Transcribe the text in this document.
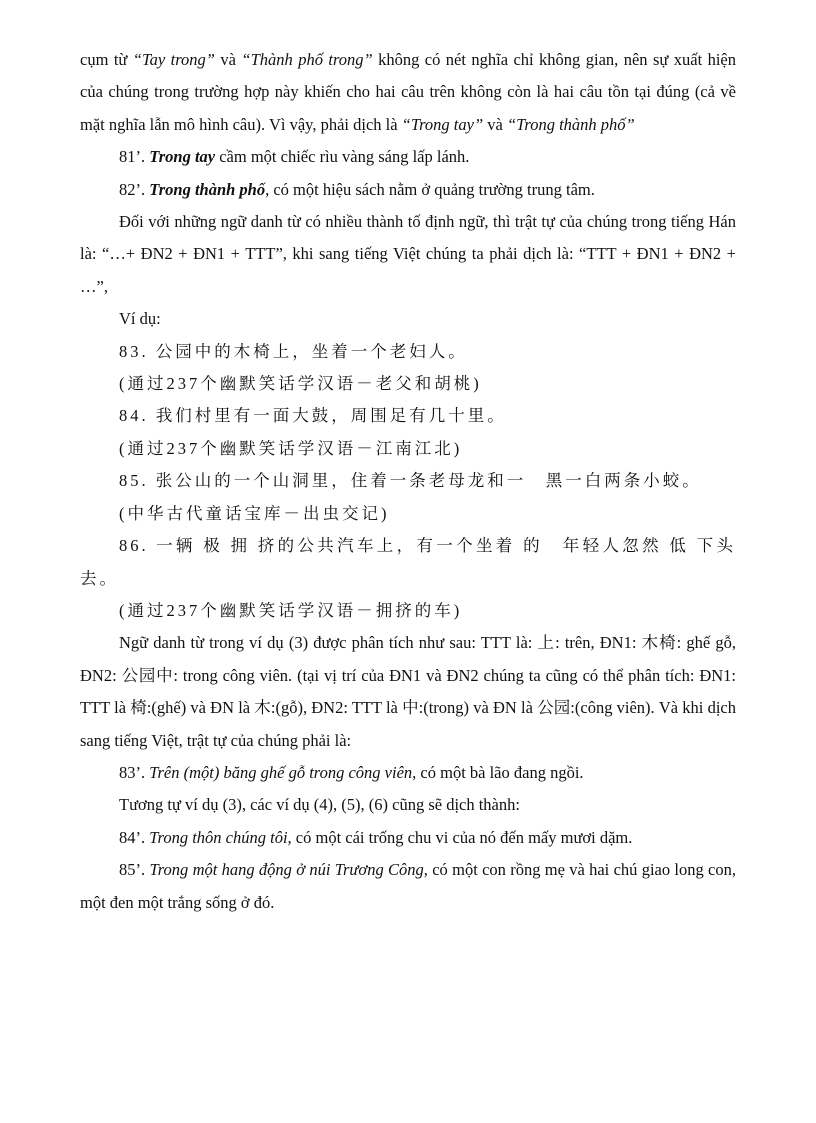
cụm từ “Tay trong” và “Thành phố trong” không có nét nghĩa chỉ không gian, nên sự xuất hiện của chúng trong trường hợp này khiến cho hai câu trên không còn là hai câu tồn tại đúng (cả về mặt nghĩa lẫn mô hình câu). Vì vậy, phải dịch là “Trong tay” và “Trong thành phố”
81’. Trong tay cầm một chiếc rìu vàng sáng lấp lánh.
82’. Trong thành phố, có một hiệu sách nằm ở quảng trường trung tâm.
Đối với những ngữ danh từ có nhiều thành tố định ngữ, thì trật tự của chúng trong tiếng Hán là: “…+ ĐN2 + ĐN1 + TTT”, khi sang tiếng Việt chúng ta phải dịch là: “TTT + ĐN1 + ĐN2 + …”,
Ví dụ:
83. 公园中的木椅上，坐着一个老妇人。
(通过237个幽默笑话学汉语－老父和胡桃)
84. 我们村里有一面大鼓，周围足有几十里。
(通过237个幽默笑话学汉语－江南江北)
85. 张公山的一个山洞里，住着一条老母龙和一　黑一白两条小蛟。
(中华古代童话宝库－出虫交记)
86. 一辆 极 拥 挤的公共汽车上，有一个坐着 的　年轻人忽然 低 下头去。
(通过237个幽默笑话学汉语－拥挤的车)
Ngữ danh từ trong ví dụ (3) được phân tích như sau: TTT là: 上: trên, ĐN1: 木椅: ghế gỗ, ĐN2: 公园中: trong công viên. (tại vị trí của ĐN1 và ĐN2 chúng ta cũng có thể phân tích: ĐN1: TTT là 椅:(ghế) và ĐN là 木:(gỗ), ĐN2: TTT là 中:(trong) và ĐN là 公园:(công viên). Và khi dịch sang tiếng Việt, trật tự của chúng phải là:
83’. Trên (một) băng ghế gỗ trong công viên, có một bà lão đang ngồi.
Tương tự ví dụ (3), các ví dụ (4), (5), (6) cũng sẽ dịch thành:
84’. Trong thôn chúng tôi, có một cái trống chu vi của nó đến mấy mươi dặm.
85’. Trong một hang động ở núi Trương Công, có một con rồng mẹ và hai chú giao long con, một đen một trắng sống ở đó.
